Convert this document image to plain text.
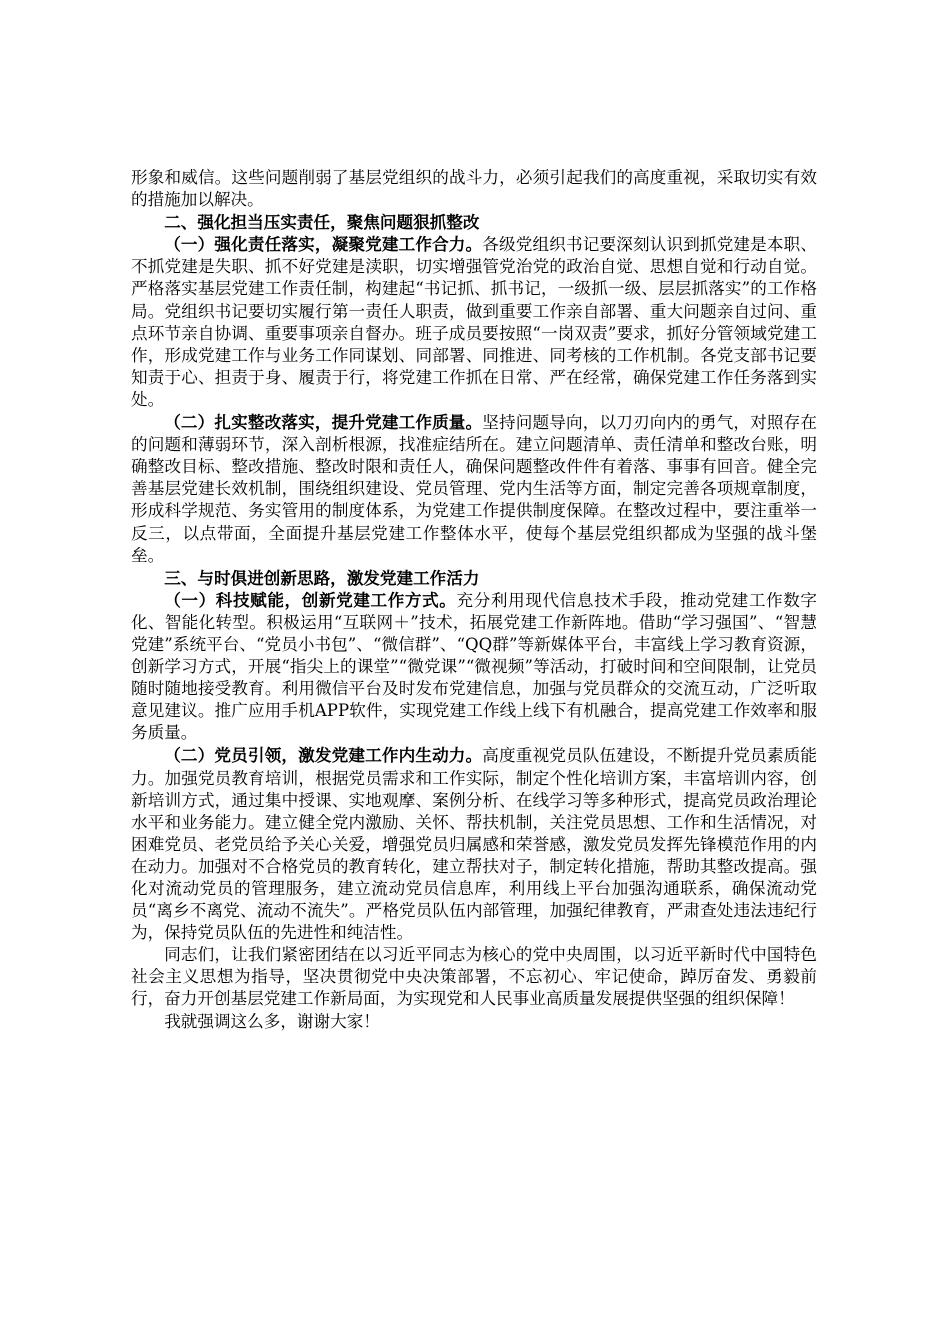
形象和威信。这些问题削弱了基层党组织的战斗力，必须引起我们的高度重视，采取切实有效的措施加以解决。

二、强化担当压实责任，聚焦问题狠抓整改

（一）强化责任落实，凝聚党建工作合力。各级党组织书记要深刻认识到抓党建是本职、不抓党建是失职、抓不好党建是渎职，切实增强管党治党的政治自觉、思想自觉和行动自觉。严格落实基层党建工作责任制，构建起“书记抓、抓书记，一级抓一级、层层抓落实”的工作格局。党组织书记要切实履行第一责任人职责，做到重要工作亲自部署、重大问题亲自过问、重点环节亲自协调、重要事项亲自督办。班子成员要按照“一岗双责”要求，抓好分管领域党建工作，形成党建工作与业务工作同谋划、同部署、同推进、同考核的工作机制。各党支部书记要知责于心、担责于身、履责于行，将党建工作抓在日常、严在经常，确保党建工作任务落到实处。

（二）扎实整改落实，提升党建工作质量。坚持问题导向，以刀刃向内的勇气，对照存在的问题和薄弱环节，深入剖析根源，找准症结所在。建立问题清单、责任清单和整改台账，明确整改目标、整改措施、整改时限和责任人，确保问题整改件件有着落、事事有回音。健全完善基层党建长效机制，围绕组织建设、党员管理、党内生活等方面，制定完善各项规章制度，形成科学规范、务实管用的制度体系，为党建工作提供制度保障。在整改过程中，要注重举一反三，以点带面，全面提升基层党建工作整体水平，使每个基层党组织都成为坚强的战斗堡垒。

三、与时俱进创新思路，激发党建工作活力

（一）科技赋能，创新党建工作方式。充分利用现代信息技术手段，推动党建工作数字化、智能化转型。积极运用“互联网＋”技术，拓展党建工作新阵地。借助“学习强国”、“智慧党建”系统平台、“党员小书包”、“微信群”、“QQ群”等新媒体平台，丰富线上学习教育资源，创新学习方式，开展“指尖上的课堂”“微党课”“微视频”等活动，打破时间和空间限制，让党员随时随地接受教育。利用微信平台及时发布党建信息，加强与党员群众的交流互动，广泛听取意见建议。推广应用手机APP软件，实现党建工作线上线下有机融合，提高党建工作效率和服务质量。

（二）党员引领，激发党建工作内生动力。高度重视党员队伍建设，不断提升党员素质能力。加强党员教育培训，根据党员需求和工作实际，制定个性化培训方案，丰富培训内容，创新培训方式，通过集中授课、实地观摩、案例分析、在线学习等多种形式，提高党员政治理论水平和业务能力。建立健全党内激励、关怀、帮扶机制，关注党员思想、工作和生活情况，对困难党员、老党员给予关心关爱，增强党员归属感和荣誉感，激发党员发挥先锋模范作用的内在动力。加强对不合格党员的教育转化，建立帮扶对子，制定转化措施，帮助其整改提高。强化对流动党员的管理服务，建立流动党员信息库，利用线上平台加强沟通联系，确保流动党员“离乡不离党、流动不流失”。严格党员队伍内部管理，加强纪律教育，严肃查处违法违纪行为，保持党员队伍的先进性和纯洁性。

同志们，让我们紧密团结在以习近平同志为核心的党中央周围，以习近平新时代中国特色社会主义思想为指导，坚决贯彻党中央决策部署，不忘初心、牢记使命，踔厉奋发、勇毅前行，奋力开创基层党建工作新局面，为实现党和人民事业高质量发展提供坚强的组织保障！

我就强调这么多，谢谢大家！
